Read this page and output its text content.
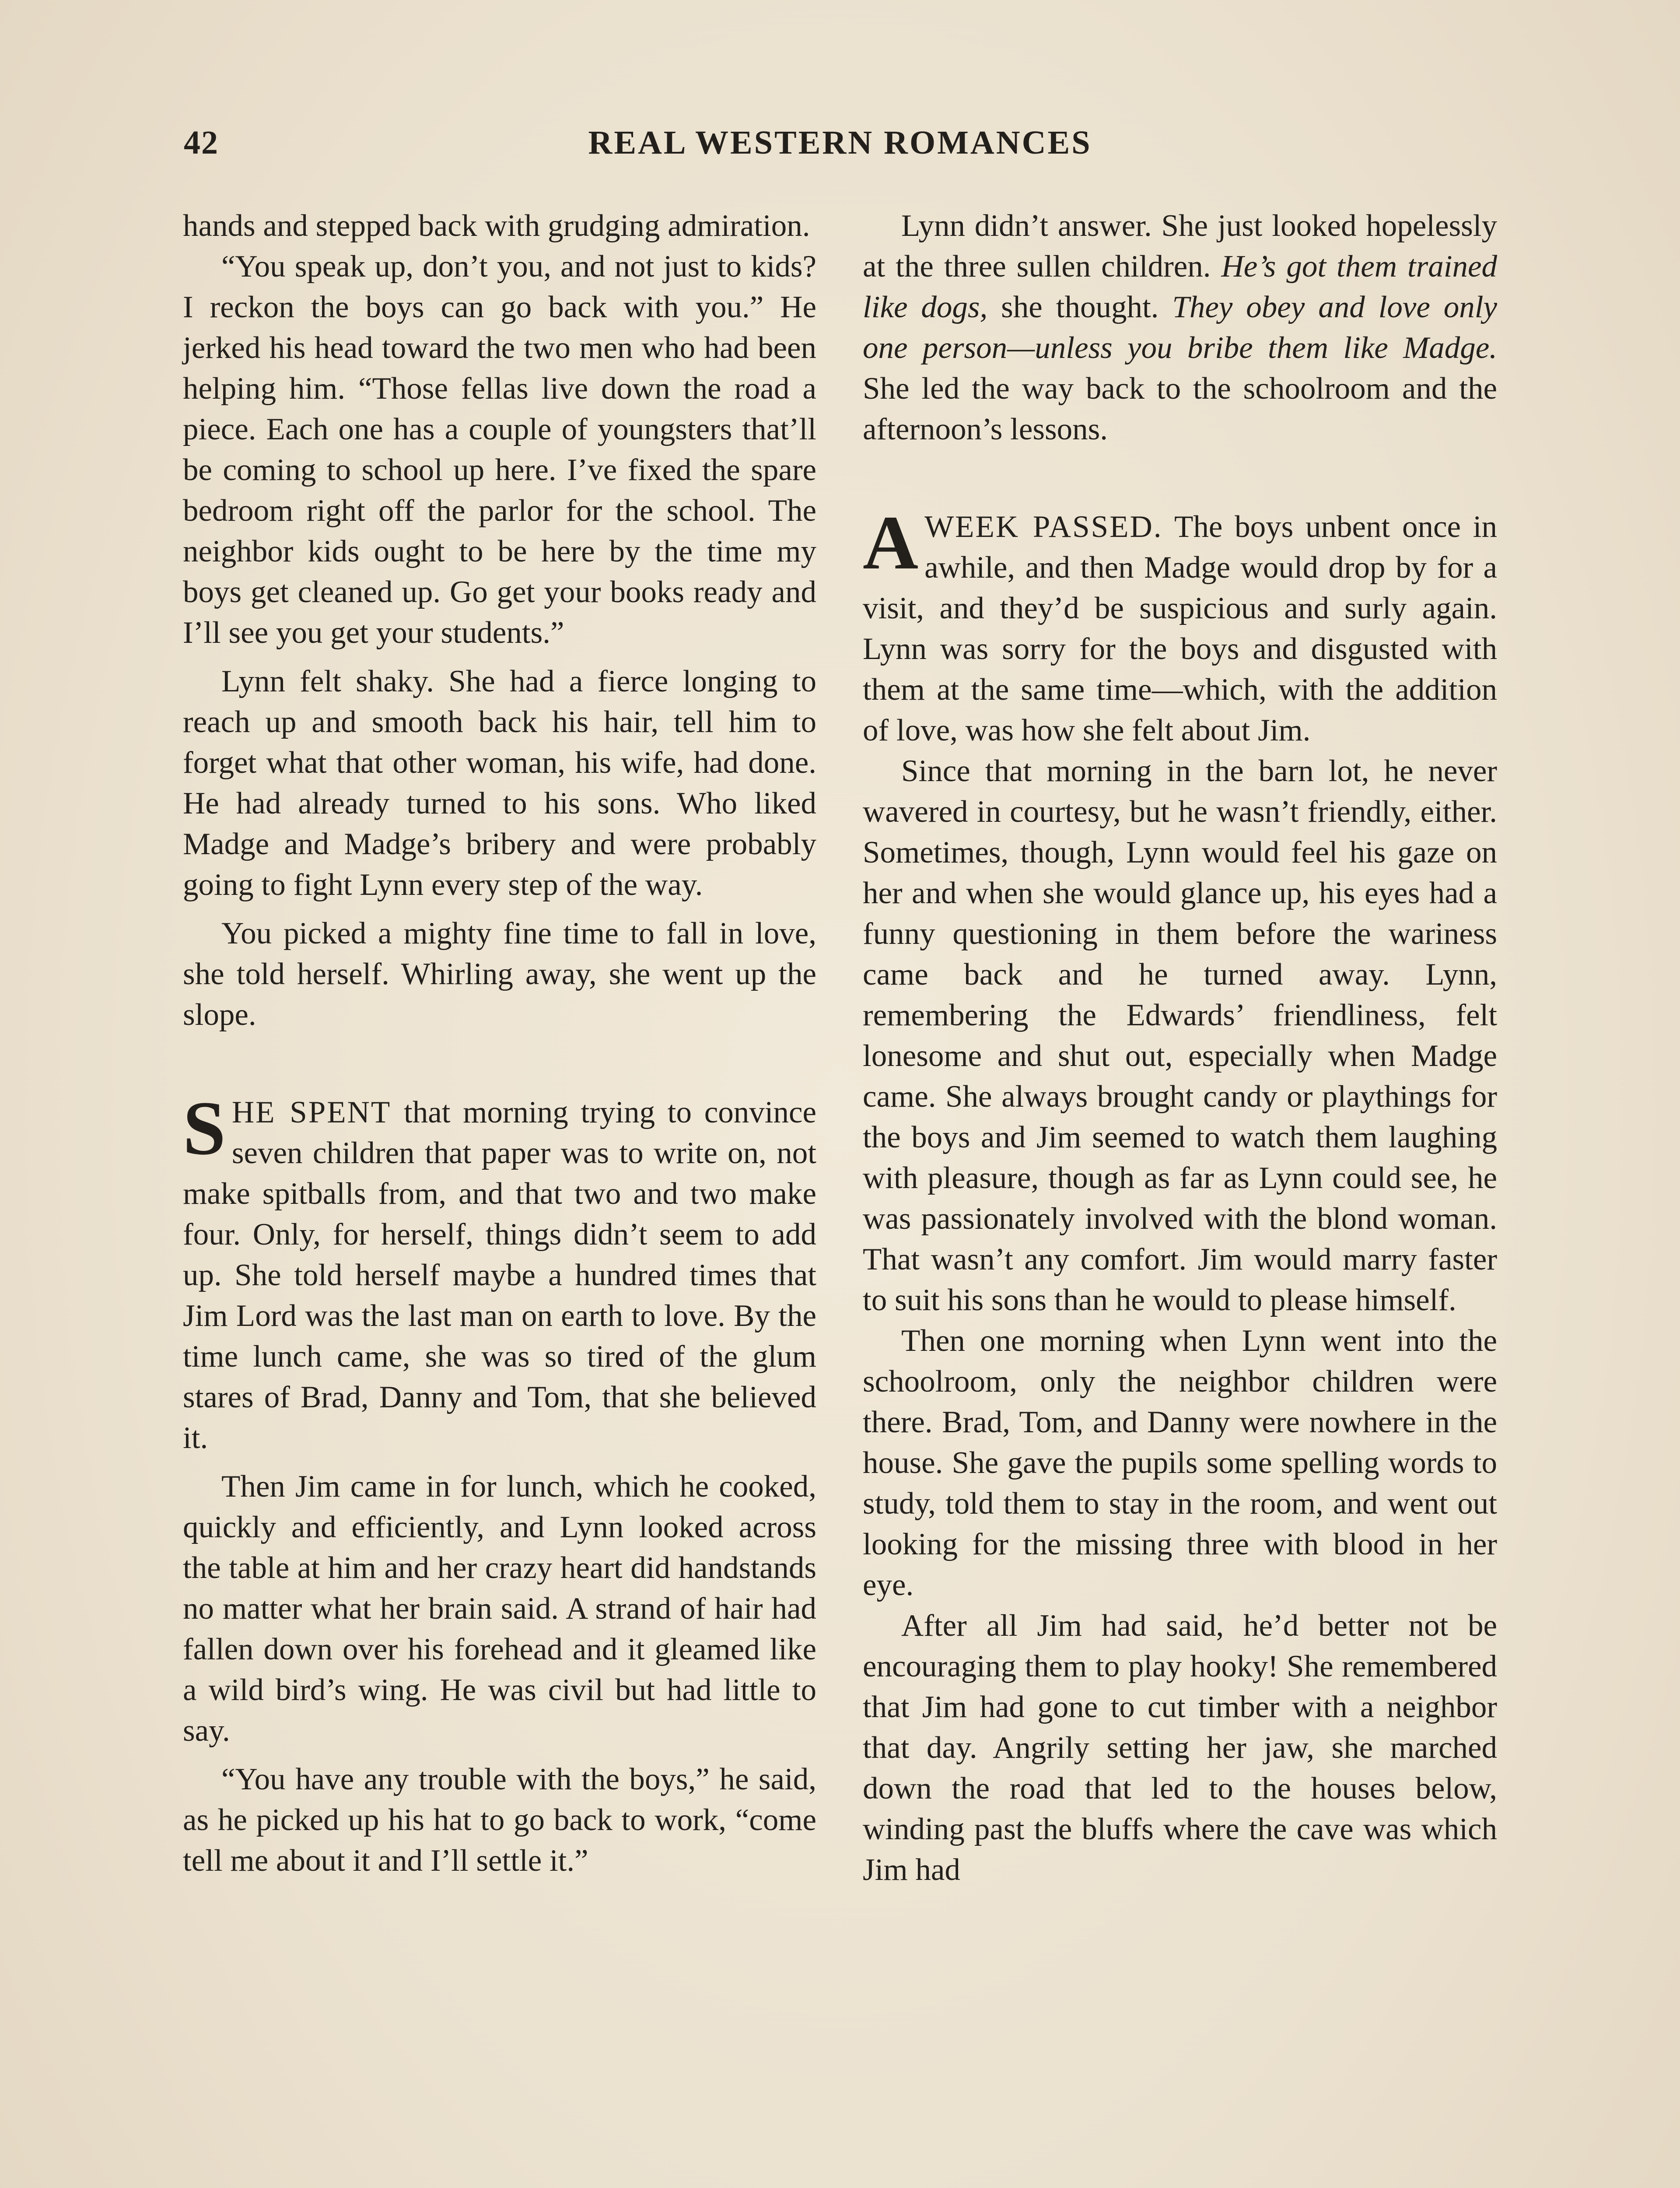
42	REAL WESTERN ROMANCES

hands and stepped back with grudging admiration.

“You speak up, don’t you, and not just to kids? I reckon the boys can go back with you.” He jerked his head toward the two men who had been helping him. “Those fellas live down the road a piece. Each one has a couple of youngsters that’ll be coming to school up here. I’ve fixed the spare bedroom right off the parlor for the school. The neighbor kids ought to be here by the time my boys get cleaned up. Go get your books ready and I’ll see you get your students.”

Lynn felt shaky. She had a fierce longing to reach up and smooth back his hair, tell him to forget what that other woman, his wife, had done. He had already turned to his sons. Who liked Madge and Madge’s bribery and were probably going to fight Lynn every step of the way.

You picked a mighty fine time to fall in love, she told herself. Whirling away, she went up the slope.

SHE SPENT that morning trying to convince seven children that paper was to write on, not make spitballs from, and that two and two make four. Only, for herself, things didn’t seem to add up. She told herself maybe a hundred times that Jim Lord was the last man on earth to love. By the time lunch came, she was so tired of the glum stares of Brad, Danny and Tom, that she believed it.

Then Jim came in for lunch, which he cooked, quickly and efficiently, and Lynn looked across the table at him and her crazy heart did handstands no matter what her brain said. A strand of hair had fallen down over his forehead and it gleamed like a wild bird’s wing. He was civil but had little to say.

“You have any trouble with the boys,” he said, as he picked up his hat to go back to work, “come tell me about it and I’ll settle it.”

Lynn didn’t answer. She just looked hopelessly at the three sullen children. He’s got them trained like dogs, she thought. They obey and love only one person—unless you bribe them like Madge. She led the way back to the schoolroom and the afternoon’s lessons.

A WEEK PASSED. The boys unbent once in awhile, and then Madge would drop by for a visit, and they’d be suspicious and surly again. Lynn was sorry for the boys and disgusted with them at the same time—which, with the addition of love, was how she felt about Jim.

Since that morning in the barn lot, he never wavered in courtesy, but he wasn’t friendly, either. Sometimes, though, Lynn would feel his gaze on her and when she would glance up, his eyes had a funny questioning in them before the wariness came back and he turned away. Lynn, remembering the Edwards’ friendliness, felt lonesome and shut out, especially when Madge came. She always brought candy or playthings for the boys and Jim seemed to watch them laughing with pleasure, though as far as Lynn could see, he was passionately involved with the blond woman. That wasn’t any comfort. Jim would marry faster to suit his sons than he would to please himself.

Then one morning when Lynn went into the schoolroom, only the neighbor children were there. Brad, Tom, and Danny were nowhere in the house. She gave the pupils some spelling words to study, told them to stay in the room, and went out looking for the missing three with blood in her eye.

After all Jim had said, he’d better not be encouraging them to play hooky! She remembered that Jim had gone to cut timber with a neighbor that day. Angrily setting her jaw, she marched down the road that led to the houses below, winding past the bluffs where the cave was which Jim had
